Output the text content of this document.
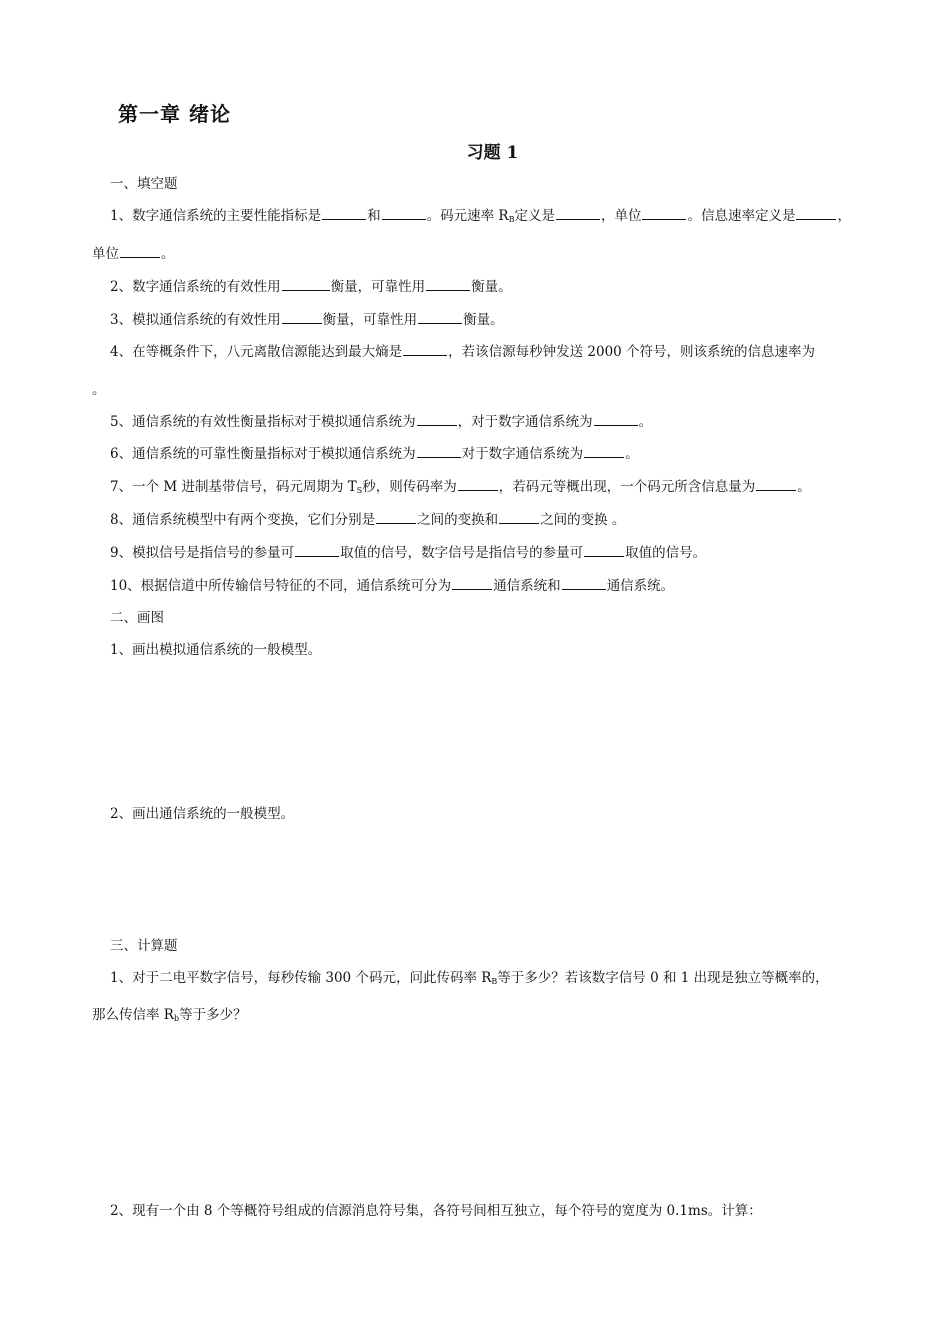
第一章 绪论
习题 1
一、填空题
1、数字通信系统的主要性能指标是	和	。码元速率 $R_B$定义是	，单位	。信息速率定义是	，
单位	。
2、数字通信系统的有效性用	衡量，可靠性用	衡量。
3、模拟通信系统的有效性用	衡量，可靠性用	衡量。
4、在等概条件下，八元离散信源能达到最大熵是	，若该信源每秒钟发送 2000 个符号，则该系统的信息速率为
。
5、通信系统的有效性衡量指标对于模拟通信系统为	，对于数字通信系统为	。
6、通信系统的可靠性衡量指标对于模拟通信系统为	对于数字通信系统为	。
7、一个 M 进制基带信号，码元周期为 $T_S$秒，则传码率为	，若码元等概出现，一个码元所含信息量为	。
8、通信系统模型中有两个变换，它们分别是	之间的变换和	之间的变换 。
9、模拟信号是指信号的参量可	取值的信号，数字信号是指信号的参量可	取值的信号。
10、根据信道中所传输信号特征的不同，通信系统可分为	通信系统和	通信系统。
二、画图
1、画出模拟通信系统的一般模型。
2、画出通信系统的一般模型。
三、计算题
1、对于二电平数字信号，每秒传输 300 个码元，问此传码率 $R_B$等于多少？若该数字信号 0 和 1 出现是独立等概率的，
那么传信率 $R_b$等于多少？
2、现有一个由 8 个等概符号组成的信源消息符号集，各符号间相互独立，每个符号的宽度为 0.1ms。计算：
